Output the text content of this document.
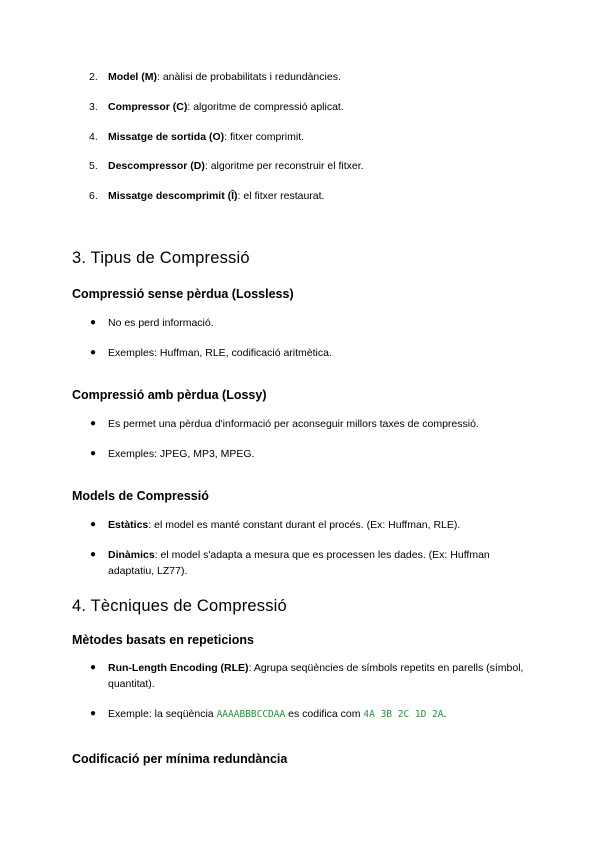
2. Model (M): anàlisi de probabilitats i redundàncies.
3. Compressor (C): algoritme de compressió aplicat.
4. Missatge de sortida (O): fitxer comprimit.
5. Descompressor (D): algoritme per reconstruir el fitxer.
6. Missatge descomprimit (Î): el fitxer restaurat.
3. Tipus de Compressió
Compressió sense pèrdua (Lossless)
● No es perd informació.
● Exemples: Huffman, RLE, codificació aritmètica.
Compressió amb pèrdua (Lossy)
● Es permet una pèrdua d'informació per aconseguir millors taxes de compressió.
● Exemples: JPEG, MP3, MPEG.
Models de Compressió
● Estàtics: el model es manté constant durant el procés. (Ex: Huffman, RLE).
● Dinàmics: el model s'adapta a mesura que es processen les dades. (Ex: Huffman adaptatiu, LZ77).
4. Tècniques de Compressió
Mètodes basats en repeticions
● Run-Length Encoding (RLE): Agrupa seqüències de símbols repetits en parells (símbol, quantitat).
● Exemple: la seqüència AAAABBBCCDAA es codifica com 4A 3B 2C 1D 2A.
Codificació per mínima redundància
